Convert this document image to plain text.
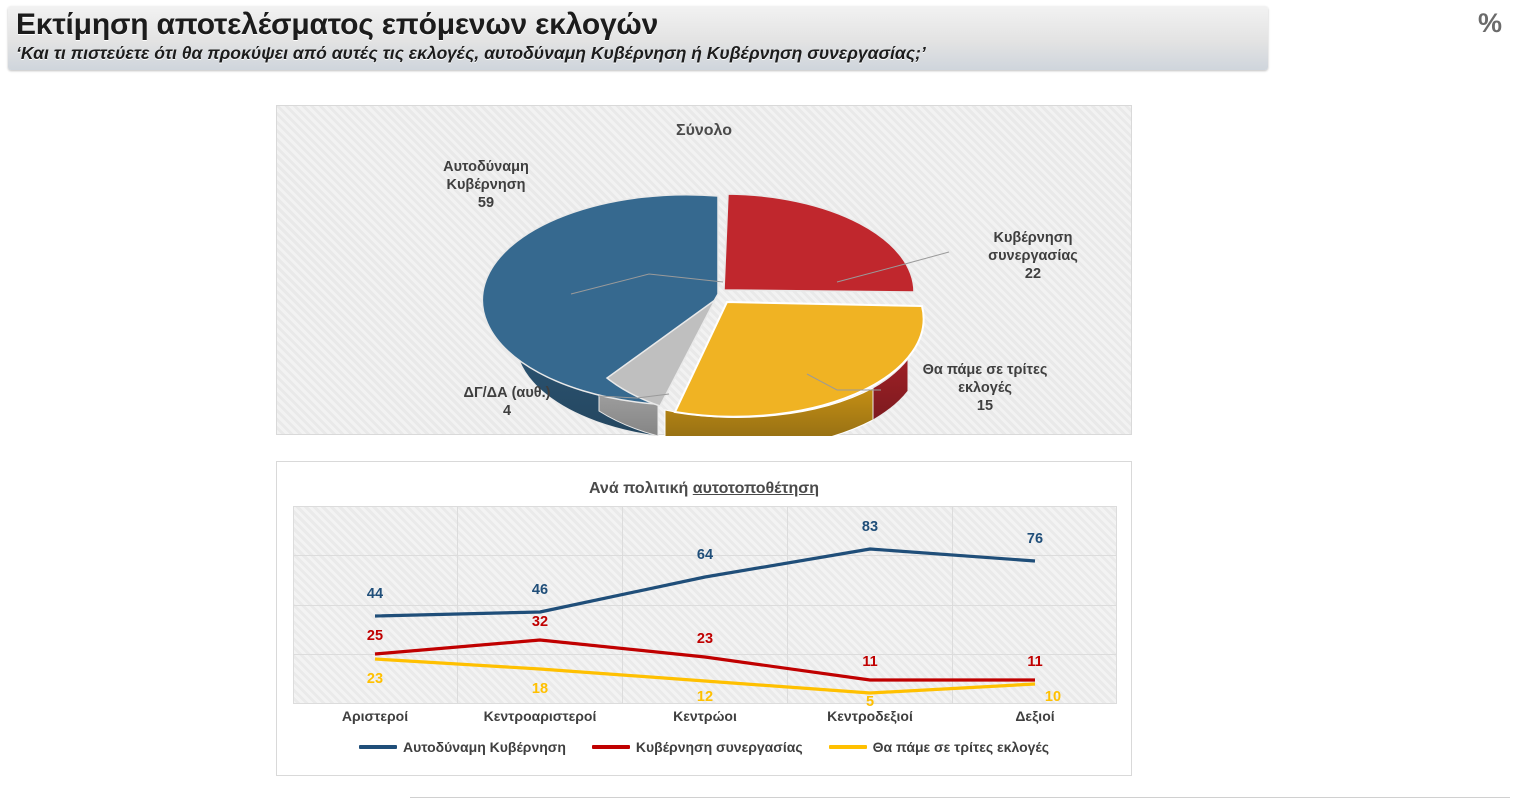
Εκτίμηση αποτελέσματος επόμενων εκλογών
‘Και τι πιστεύετε ότι θα προκύψει από αυτές τις εκλογές, αυτοδύναμη Κυβέρνηση ή Κυβέρνηση συνεργασίας;’
%
Σύνολο
Αυτοδύναμη
Κυβέρνηση
59
Κυβέρνηση
συνεργασίας
22
Θα πάμε σε τρίτες
εκλογές
15
ΔΓ/ΔΑ (αυθ.)
4
Ανά πολιτική αυτοτοποθέτηση
44	46
64
83
76
25
32
23
11	11
23
18	12	5	10
Αριστεροί	Κεντροαριστεροί	Κεντρώοι	Κεντροδεξιοί	Δεξιοί
Αυτοδύναμη Κυβέρνηση	Κυβέρνηση συνεργασίας	Θα πάμε σε τρίτες εκλογές
